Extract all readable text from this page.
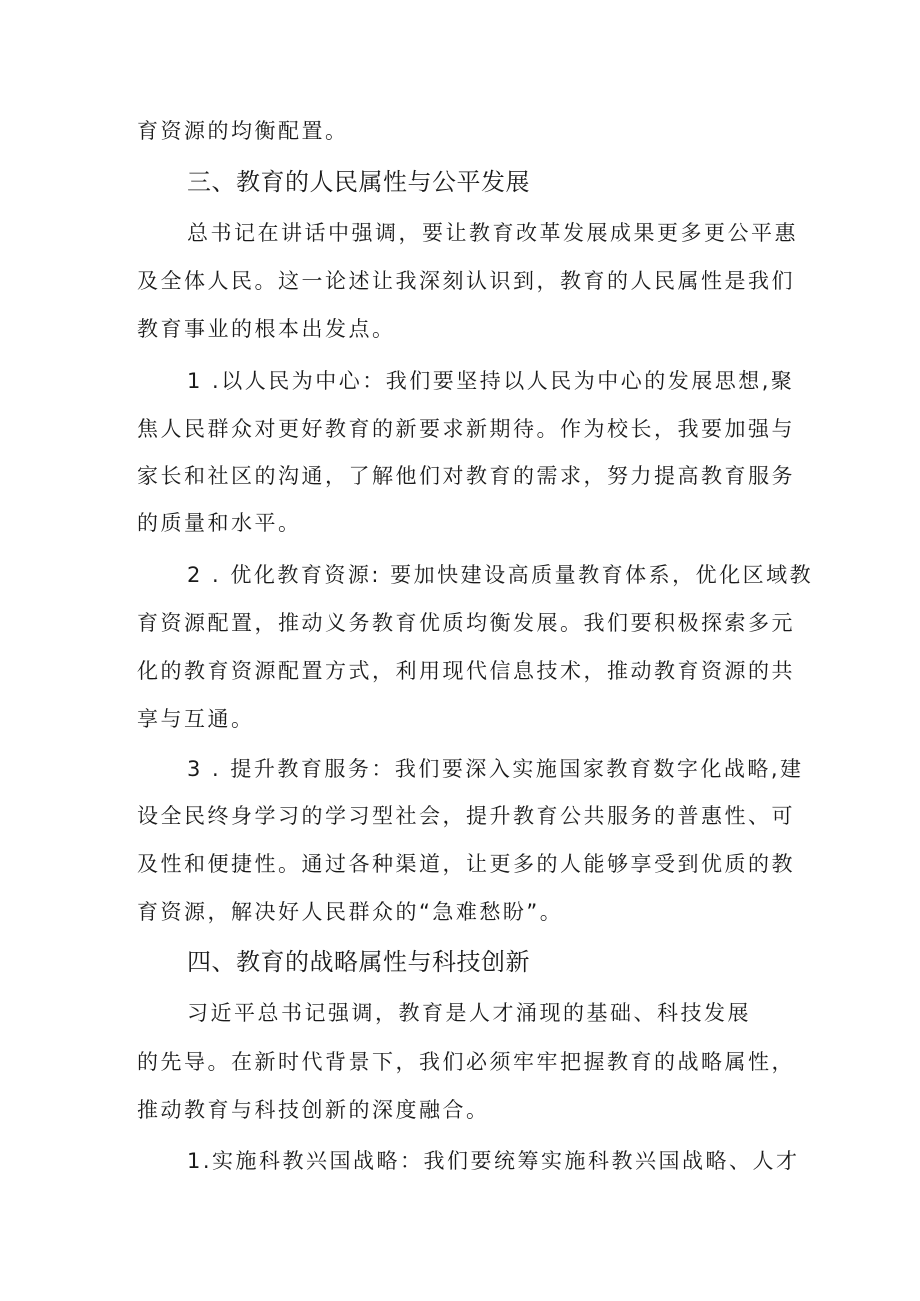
育资源的均衡配置。
三、教育的人民属性与公平发展
总书记在讲话中强调，要让教育改革发展成果更多更公平惠
及全体人民。这一论述让我深刻认识到，教育的人民属性是我们
教育事业的根本出发点。
1 .以人民为中心：我们要坚持以人民为中心的发展思想,聚
焦人民群众对更好教育的新要求新期待。作为校长，我要加强与
家长和社区的沟通，了解他们对教育的需求，努力提高教育服务
的质量和水平。
2 . 优化教育资源: 要加快建设高质量教育体系，优化区域教
育资源配置，推动义务教育优质均衡发展。我们要积极探索多元
化的教育资源配置方式，利用现代信息技术，推动教育资源的共
享与互通。
3 . 提升教育服务：我们要深入实施国家教育数字化战略,建
设全民终身学习的学习型社会，提升教育公共服务的普惠性、可
及性和便捷性。通过各种渠道，让更多的人能够享受到优质的教
育资源，解决好人民群众的“急难愁盼”。
四、教育的战略属性与科技创新
习近平总书记强调，教育是人才涌现的基础、科技发展
的先导。在新时代背景下，我们必须牢牢把握教育的战略属性，
推动教育与科技创新的深度融合。
1.实施科教兴国战略：我们要统筹实施科教兴国战略、人才
